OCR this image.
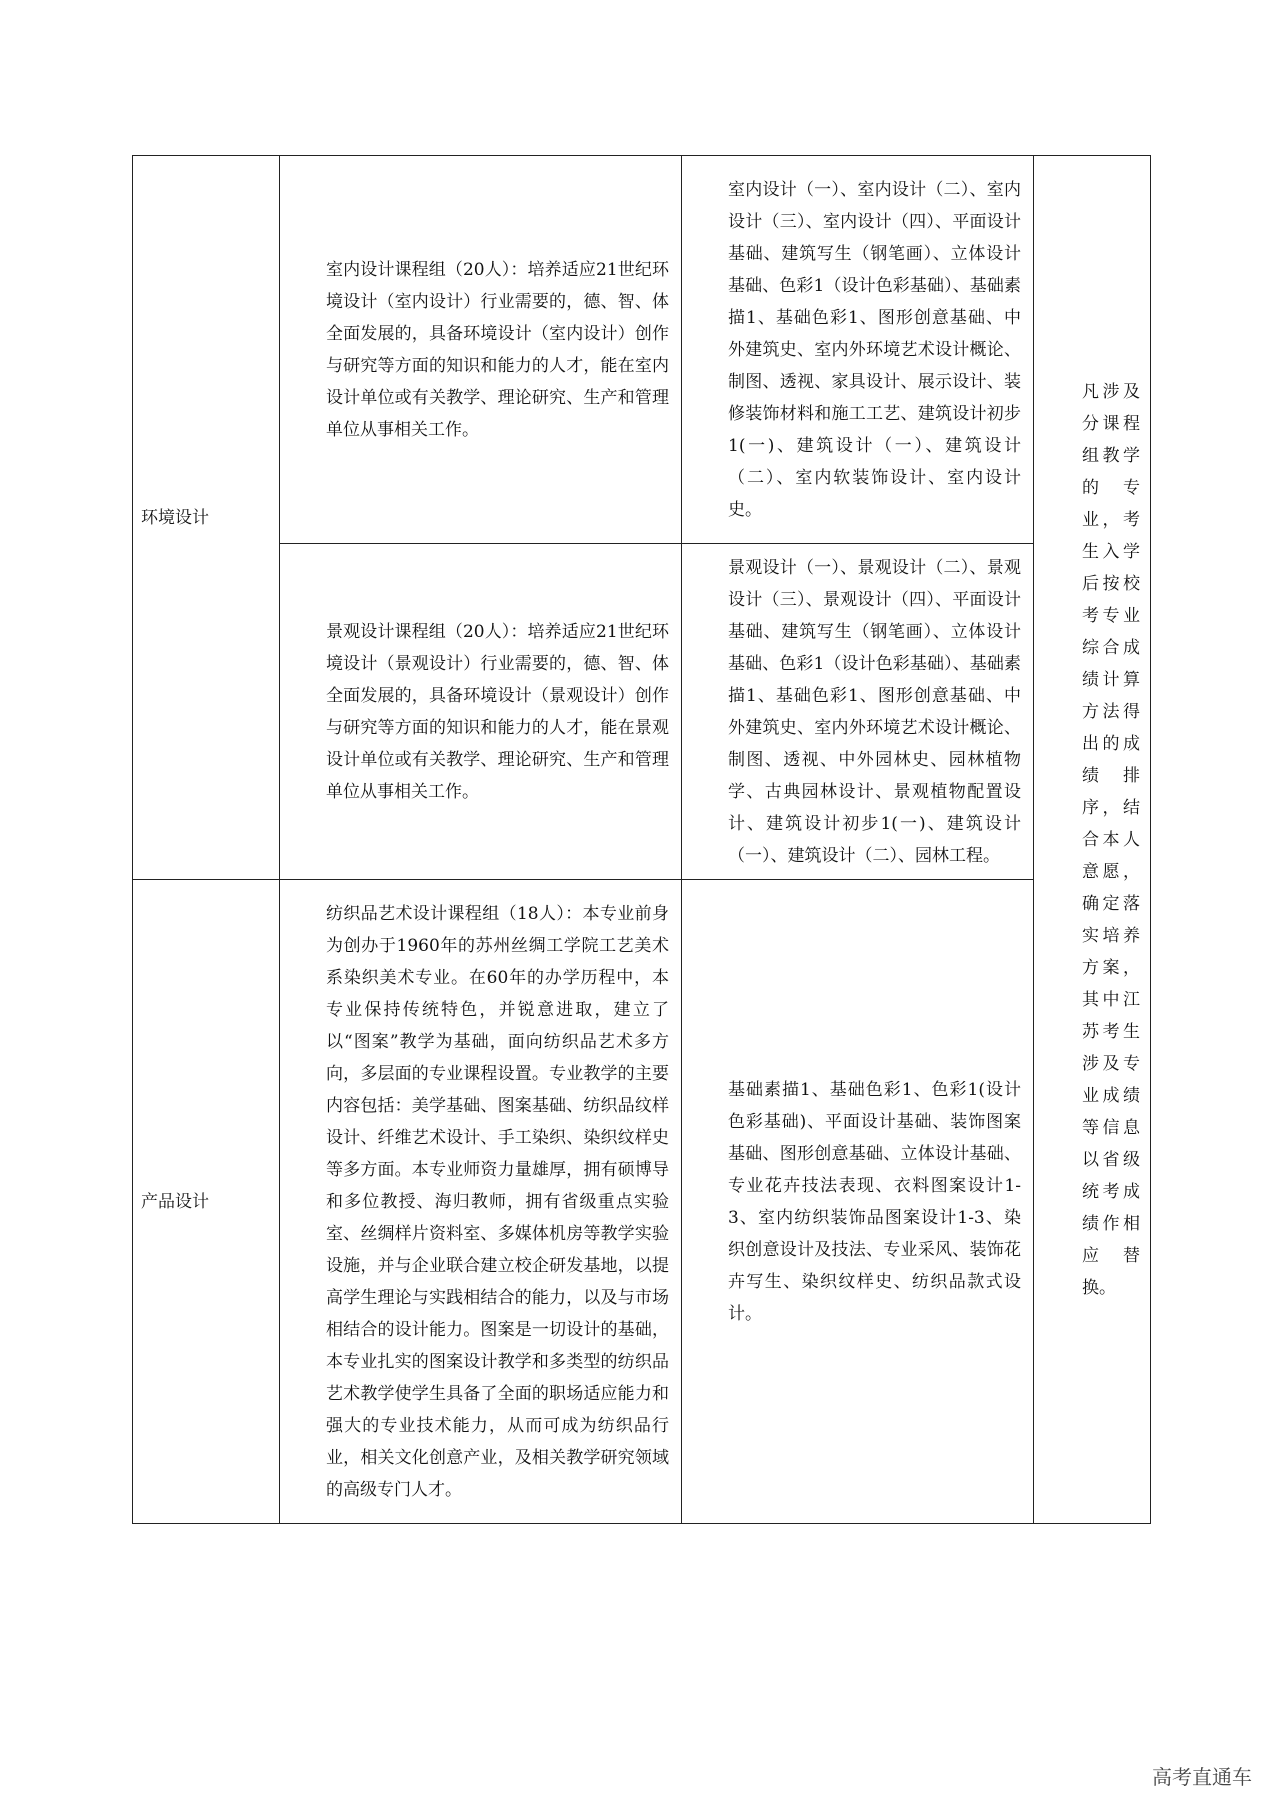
环境设计	室内设计课程组（20人）：培养适应21世纪环境设计（室内设计）行业需要的，德、智、体全面发展的，具备环境设计（室内设计）创作与研究等方面的知识和能力的人才，能在室内设计单位或有关教学、理论研究、生产和管理单位从事相关工作。	室内设计（一）、室内设计（二）、室内设计（三）、室内设计（四）、平面设计基础、建筑写生（钢笔画）、立体设计基础、色彩1（设计色彩基础）、基础素描1、基础色彩1、图形创意基础、中外建筑史、室内外环境艺术设计概论、制图、透视、家具设计、展示设计、装修装饰材料和施工工艺、建筑设计初步1(一)、建筑设计（一）、建筑设计（二）、室内软装饰设计、室内设计史。	凡涉及分课程组教学的专业，考生入学后按校考专业综合成绩计算方法得出的成绩排序，结合本人意愿，确定落实培养方案，其中江苏考生涉及专业成绩等信息以省级统考成绩作相应替换。

	景观设计课程组（20人）：培养适应21世纪环境设计（景观设计）行业需要的，德、智、体全面发展的，具备环境设计（景观设计）创作与研究等方面的知识和能力的人才，能在景观设计单位或有关教学、理论研究、生产和管理单位从事相关工作。	景观设计（一）、景观设计（二）、景观设计（三）、景观设计（四）、平面设计基础、建筑写生（钢笔画）、立体设计基础、色彩1（设计色彩基础）、基础素描1、基础色彩1、图形创意基础、中外建筑史、室内外环境艺术设计概论、制图、透视、中外园林史、园林植物学、古典园林设计、景观植物配置设计、建筑设计初步1(一)、建筑设计（一）、建筑设计（二）、园林工程。	

产品设计	纺织品艺术设计课程组（18人）：本专业前身为创办于1960年的苏州丝绸工学院工艺美术系染织美术专业。在60年的办学历程中，本专业保持传统特色，并锐意进取，建立了以“图案”教学为基础，面向纺织品艺术多方向，多层面的专业课程设置。专业教学的主要内容包括：美学基础、图案基础、纺织品纹样设计、纤维艺术设计、手工染织、染织纹样史等多方面。本专业师资力量雄厚，拥有硕博导和多位教授、海归教师，拥有省级重点实验室、丝绸样片资料室、多媒体机房等教学实验设施，并与企业联合建立校企研发基地，以提高学生理论与实践相结合的能力，以及与市场相结合的设计能力。图案是一切设计的基础，本专业扎实的图案设计教学和多类型的纺织品艺术教学使学生具备了全面的职场适应能力和强大的专业技术能力，从而可成为纺织品行业，相关文化创意产业，及相关教学研究领域的高级专门人才。	基础素描1、基础色彩1、色彩1(设计色彩基础)、平面设计基础、装饰图案基础、图形创意基础、立体设计基础、专业花卉技法表现、衣料图案设计1-3、室内纺织装饰品图案设计1-3、染织创意设计及技法、专业采风、装饰花卉写生、染织纹样史、纺织品款式设计。	
高考直通车
